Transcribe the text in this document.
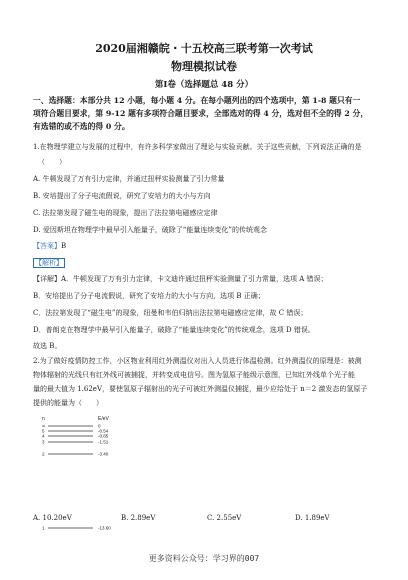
2020届湘赣皖・十五校高三联考第一次考试
物理模拟试卷
第Ⅰ卷（选择题总 48 分）
一、选择题：本部分共 12 小题，每小题 4 分。在每小题列出的四个选项中，第 1-8 题只有一
项符合题目要求，第 9-12 题有多项符合题目要求，全部选对的得 4 分，选对但不全的得 2 分，
有选错的或不选的得 0 分。
1.在物理学建立与发展的过程中，有许多科学家做出了理论与实验贡献。关于这些贡献，下列说法正确的是
（　　）
A. 牛顿发现了万有引力定律，并通过扭秤实验测量了引力常量
B. 安培提出了分子电流假说，研究了安培力的大小与方向
C. 法拉第发现了磁生电的现象，提出了法拉第电磁感应定律
D. 爱因斯坦在物理学中最早引入能量子，破除了“能量连续变化”的传统观念
【答案】B
【解析】
【详解】A．牛顿发现了万有引力定律，卡文迪许通过扭秤实验测量了引力常量，选项 A 错误；
B．安培提出了分子电流假说，研究了安培力的大小与方向，选项 B 正确；
C．法拉第发现了“磁生电”的现象，纽曼和韦伯归纳出法拉第电磁感应定律，故 C 错误；
D．普朗克在物理学中最早引入能量子，破除了“能量连续变化”的传统观念，选项 D 错误。
故选 B。
2.为了做好疫情防控工作，小区物业利用红外测温仪对出入人员进行体温检测。红外测温仪的原理是：被测
物体辐射的光线只有红外线可被捕捉，并转变成电信号。图为氢原子能级示意图，已知红外线单个光子能
量的最大值为 1.62eV，要使氢原子辐射出的光子可被红外测温仪捕捉，最少应给处于 n＝2 激发态的氢原子
提供的能量为（　　）
n	E/eV
∞	0
5	-0.54
4	-0.85
3	-1.51
2	-3.40
1	-13.60
A. 10.20eV	B. 2.89eV	C. 2.55eV	D. 1.89eV
更多资料公众号：学习界的007
